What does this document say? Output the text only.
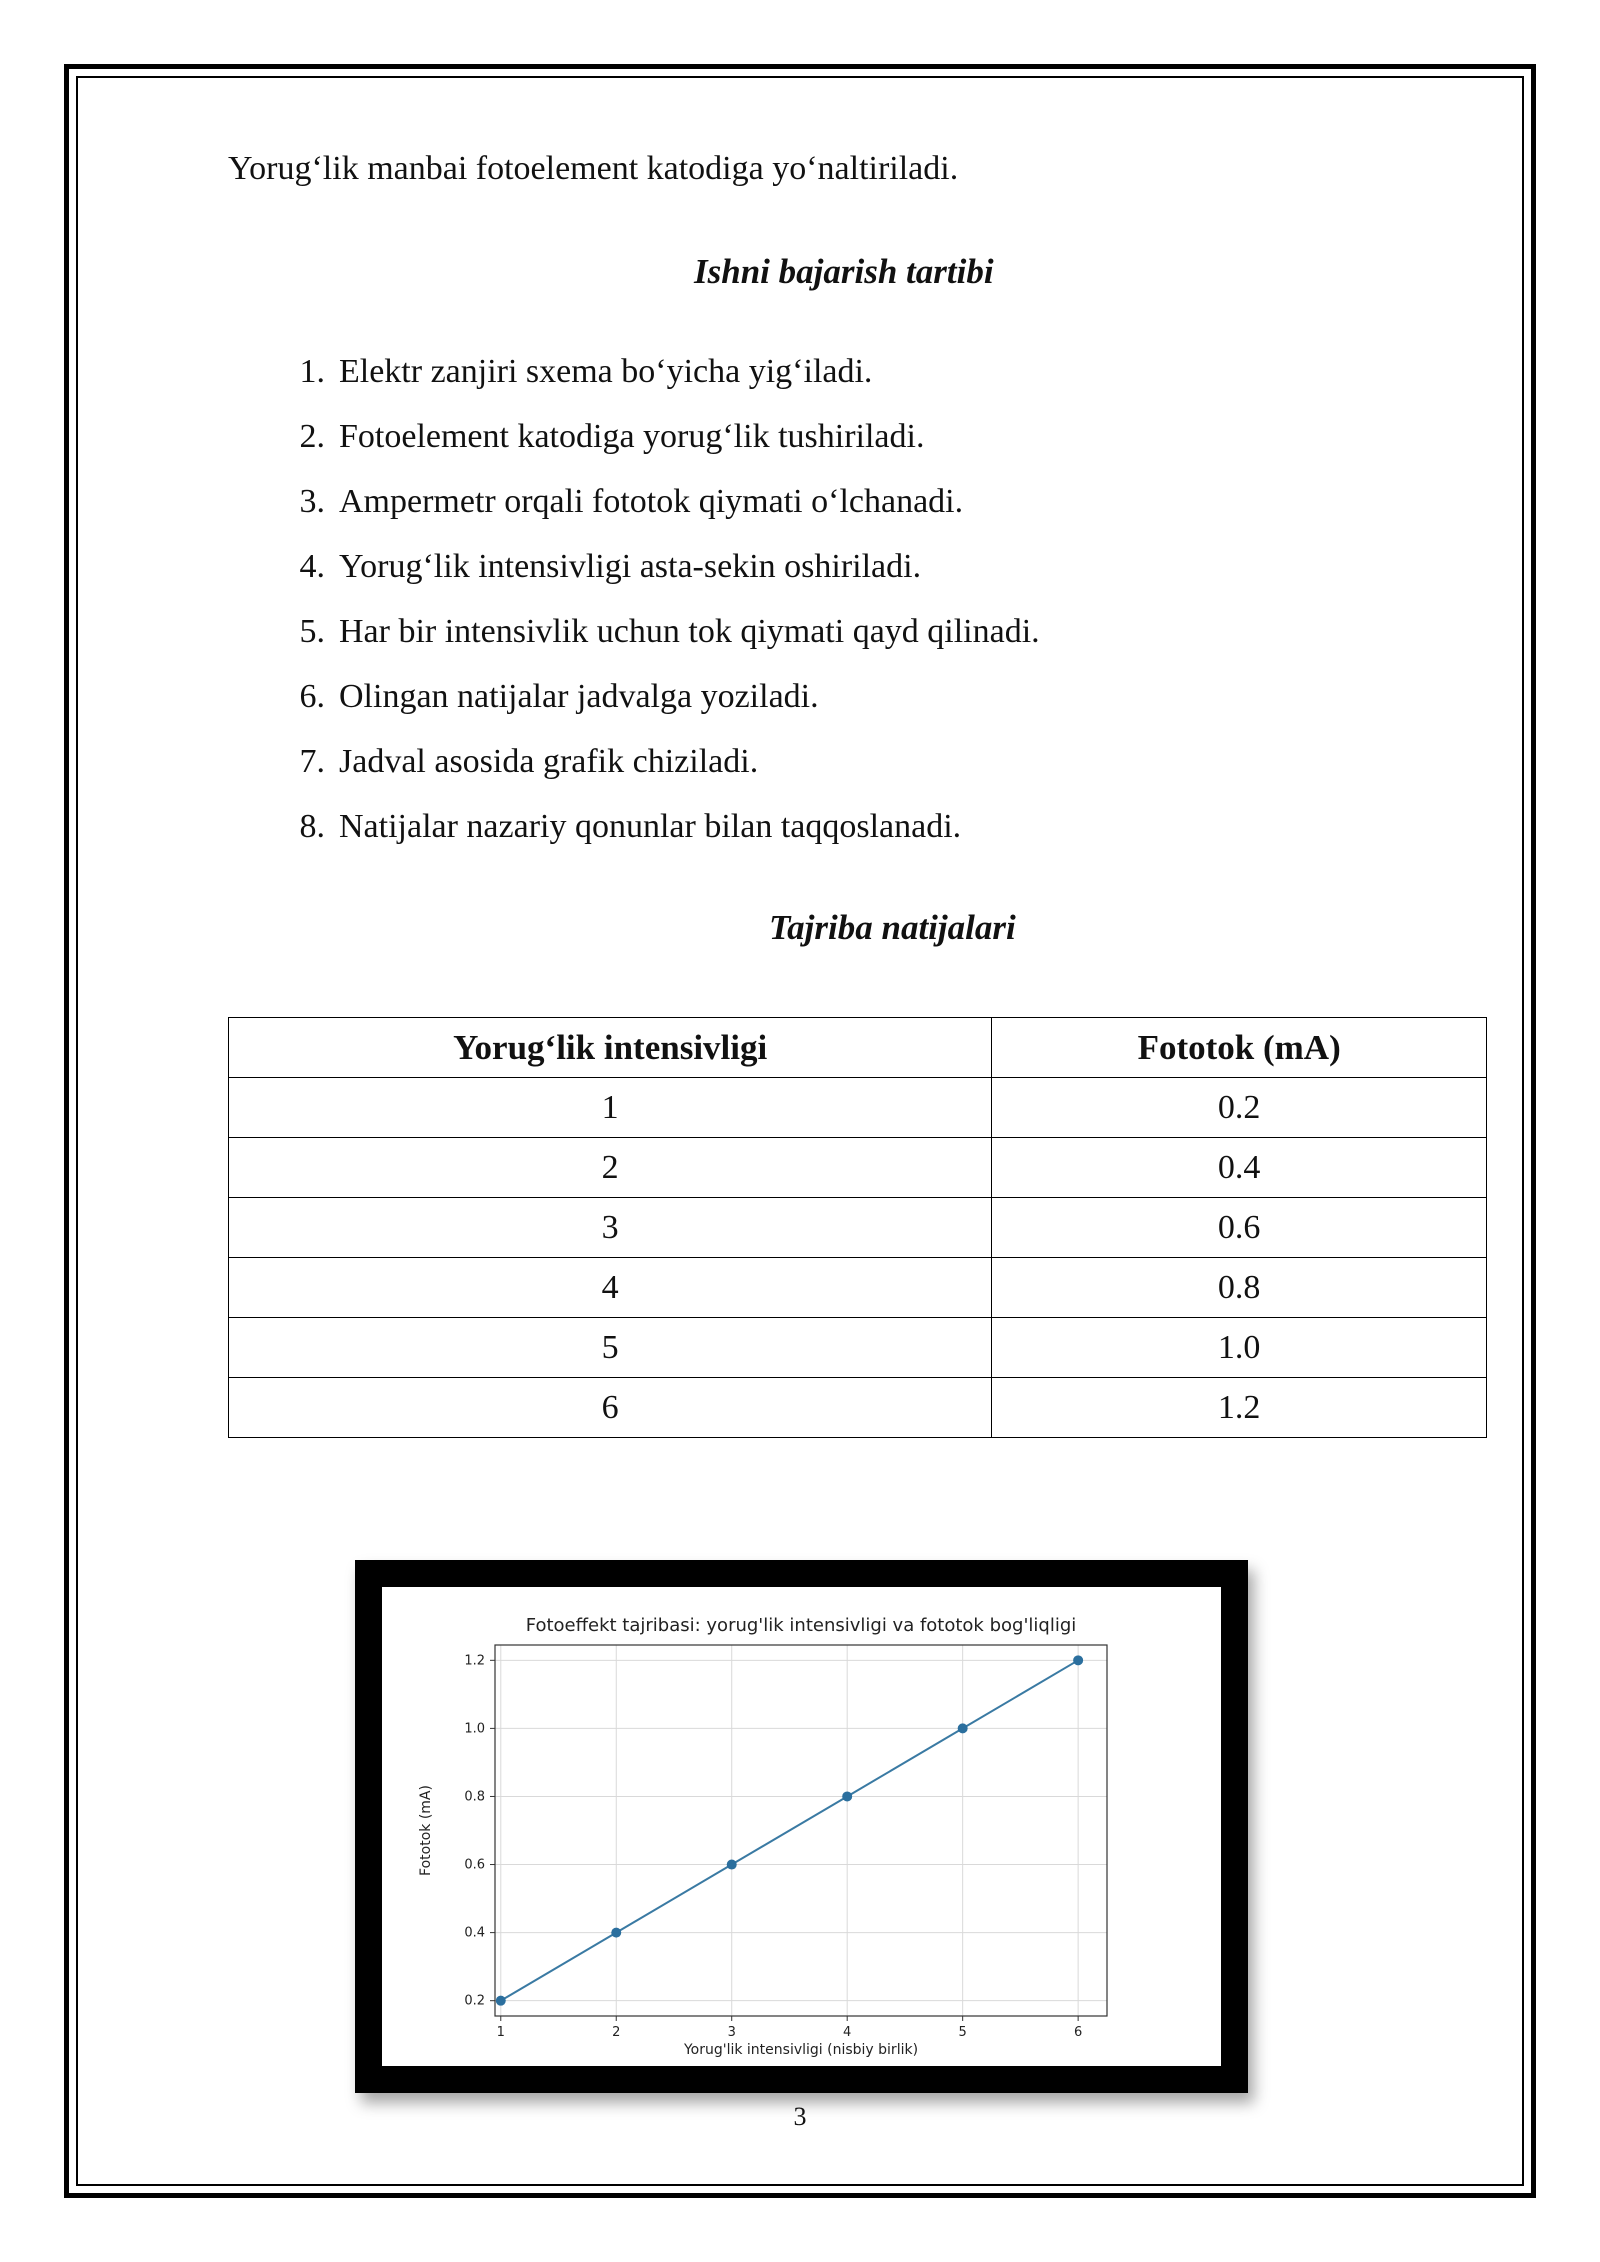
Yorug‘lik manbai fotoelement katodiga yo‘naltiriladi.
Ishni bajarish tartibi
1. Elektr zanjiri sxema bo‘yicha yig‘iladi.
2. Fotoelement katodiga yorug‘lik tushiriladi.
3. Ampermetr orqali fototok qiymati o‘lchanadi.
4. Yorug‘lik intensivligi asta-sekin oshiriladi.
5. Har bir intensivlik uchun tok qiymati qayd qilinadi.
6. Olingan natijalar jadvalga yoziladi.
7. Jadval asosida grafik chiziladi.
8. Natijalar nazariy qonunlar bilan taqqoslanadi.
Tajriba natijalari
Yorug‘lik intensivligi	Fototok (mA)
1	0.2
2	0.4
3	0.6
4	0.8
5	1.0
6	1.2
1	2	3	4	5	6
0.2
0.4
0.6
0.8
1.0
1.2
Fotoeffekt tajribasi: yorug'lik intensivligi va fototok bog'liqligi
Yorug'lik intensivligi (nisbiy birlik)
Fototok (mA)
3
